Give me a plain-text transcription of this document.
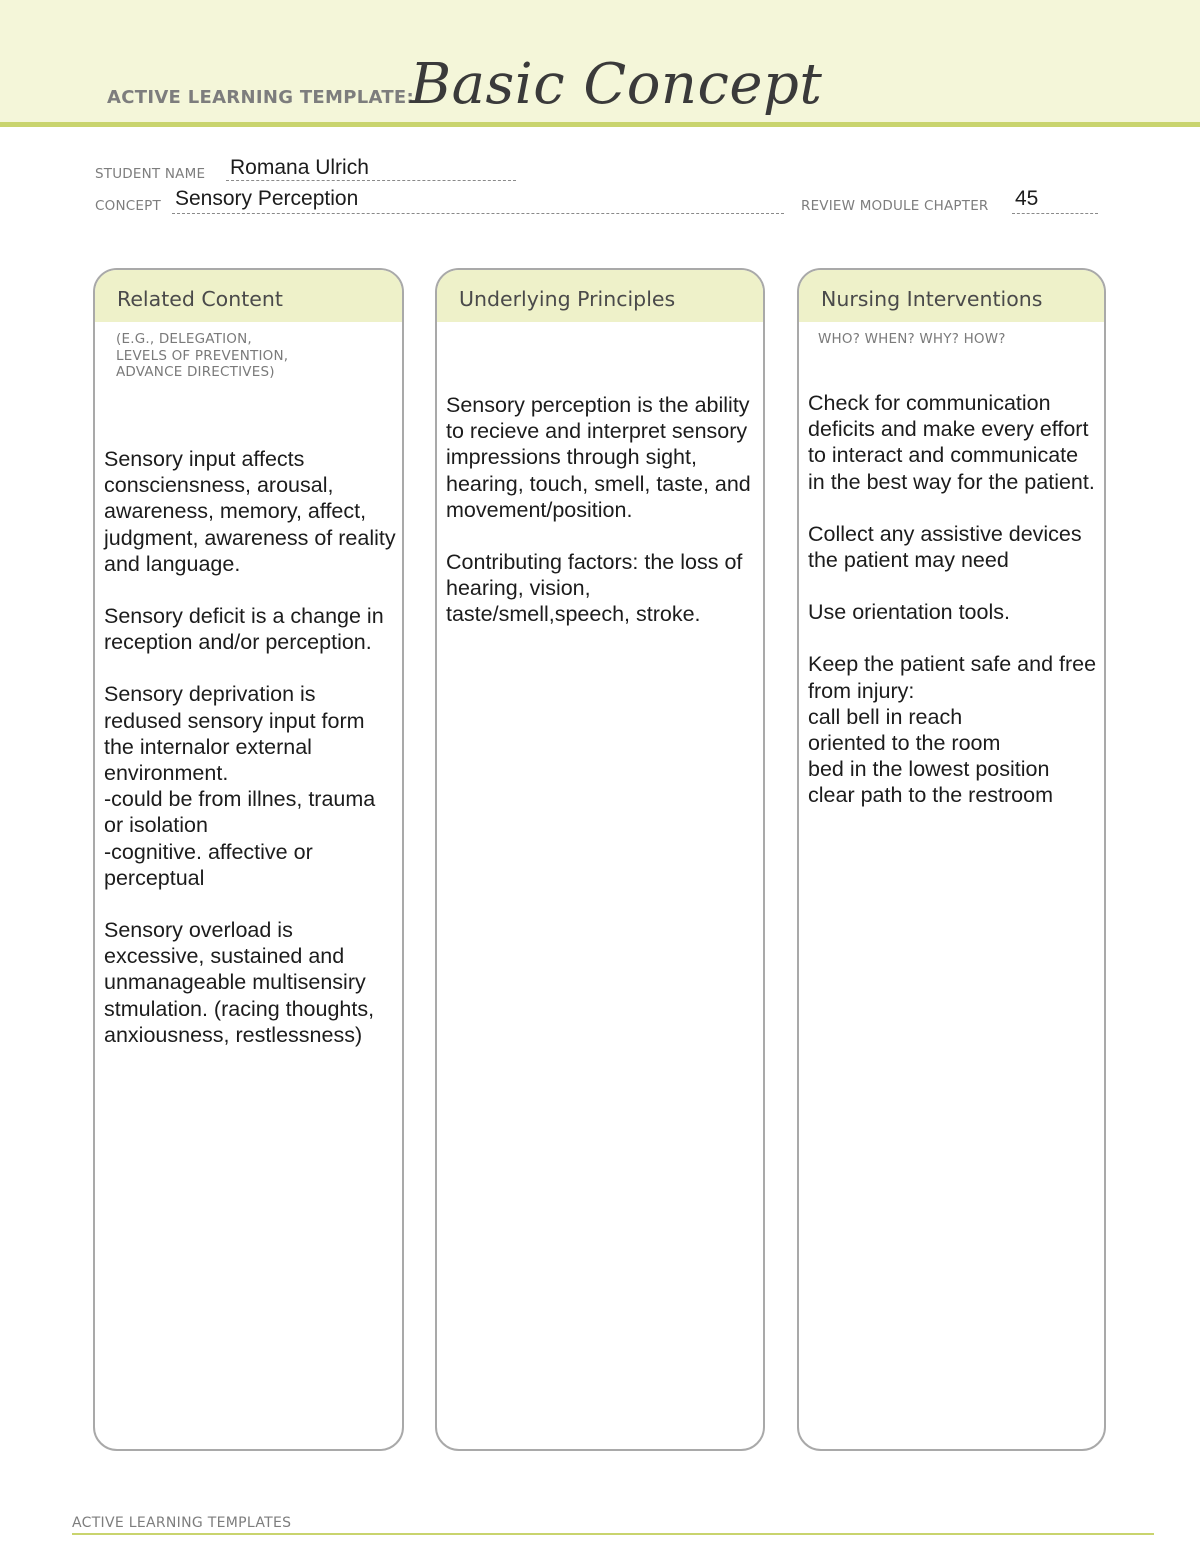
ACTIVE LEARNING TEMPLATE:
Basic Concept
STUDENT NAME Romana Ulrich
CONCEPT Sensory Perception	REVIEW MODULE CHAPTER 45
Related Content
(E.G., DELEGATION,
LEVELS OF PREVENTION,
ADVANCE DIRECTIVES)

Sensory input affects consciensness, arousal, awareness, memory, affect, judgment, awareness of reality and language.

Sensory deficit is a change in reception and/or perception.

Sensory deprivation is redused sensory input form the internalor external environment.

-could be from illnes, trauma or isolation

-cognitive. affective or perceptual

Sensory overload is excessive, sustained and unmanageable multisensiry stmulation. (racing thoughts, anxiousness, restlessness)

Underlying Principles

Sensory perception is the ability to recieve and interpret sensory impressions through sight, hearing, touch, smell, taste, and movement/position.

Contributing factors: the loss of hearing, vision, taste/smell,speech, stroke.

Nursing Interventions
WHO? WHEN? WHY? HOW?

Check for communication deficits and make every effort to interact and communicate in the best way for the patient.

Collect any assistive devices the patient may need

Use orientation tools.

Keep the patient safe and free from injury:

call bell in reach

oriented to the room

bed in the lowest position

clear path to the restroom

ACTIVE LEARNING TEMPLATES
